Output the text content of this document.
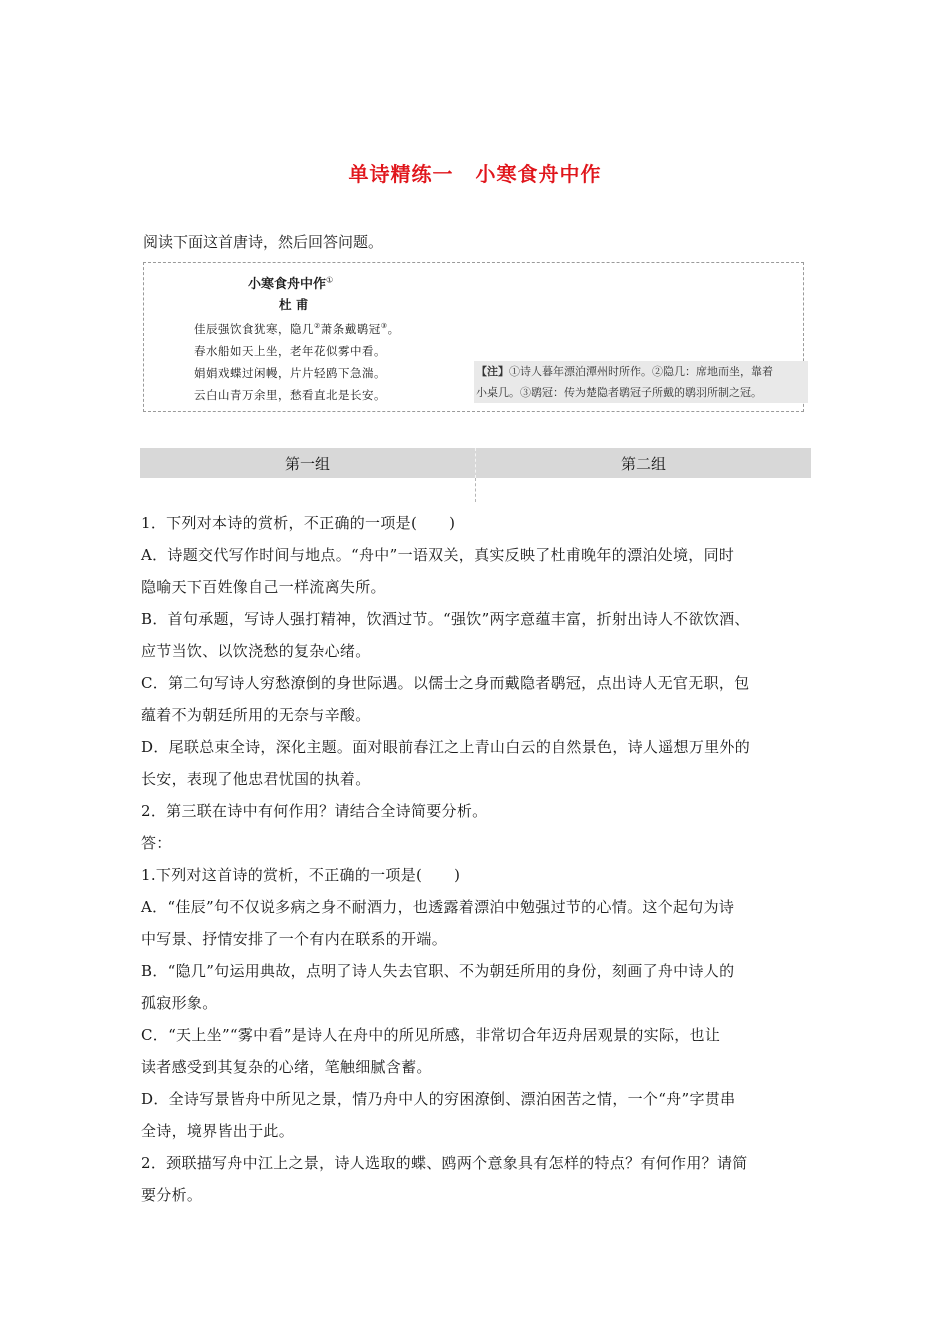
单诗精练一 小寒食舟中作
阅读下面这首唐诗，然后回答问题。
小寒食舟中作①
杜 甫
佳辰强饮食犹寒，隐几②萧条戴鹖冠③。
春水船如天上坐，老年花似雾中看。
娟娟戏蝶过闲幔，片片轻鸥下急湍。
云白山青万余里，愁看直北是长安。
【注】①诗人暮年漂泊潭州时所作。②隐几：席地而坐，靠着
小桌几。③鹖冠：传为楚隐者鹖冠子所戴的鹖羽所制之冠。
第一组	第二组
1．下列对本诗的赏析，不正确的一项是( )
A．诗题交代写作时间与地点。“舟中”一语双关，真实反映了杜甫晚年的漂泊处境，同时
隐喻天下百姓像自己一样流离失所。
B．首句承题，写诗人强打精神，饮酒过节。“强饮”两字意蕴丰富，折射出诗人不欲饮酒、
应节当饮、以饮浇愁的复杂心绪。
C．第二句写诗人穷愁潦倒的身世际遇。以儒士之身而戴隐者鹖冠，点出诗人无官无职，包
蕴着不为朝廷所用的无奈与辛酸。
D．尾联总束全诗，深化主题。面对眼前春江之上青山白云的自然景色，诗人遥想万里外的
长安，表现了他忠君忧国的执着。
2．第三联在诗中有何作用？请结合全诗简要分析。
答：
1.下列对这首诗的赏析，不正确的一项是( )
A．“佳辰”句不仅说多病之身不耐酒力，也透露着漂泊中勉强过节的心情。这个起句为诗
中写景、抒情安排了一个有内在联系的开端。
B．“隐几”句运用典故，点明了诗人失去官职、不为朝廷所用的身份，刻画了舟中诗人的
孤寂形象。
C．“天上坐”“雾中看”是诗人在舟中的所见所感，非常切合年迈舟居观景的实际，也让
读者感受到其复杂的心绪，笔触细腻含蓄。
D．全诗写景皆舟中所见之景，情乃舟中人的穷困潦倒、漂泊困苦之情，一个“舟”字贯串
全诗，境界皆出于此。
2．颈联描写舟中江上之景，诗人选取的蝶、鸥两个意象具有怎样的特点？有何作用？请简
要分析。
